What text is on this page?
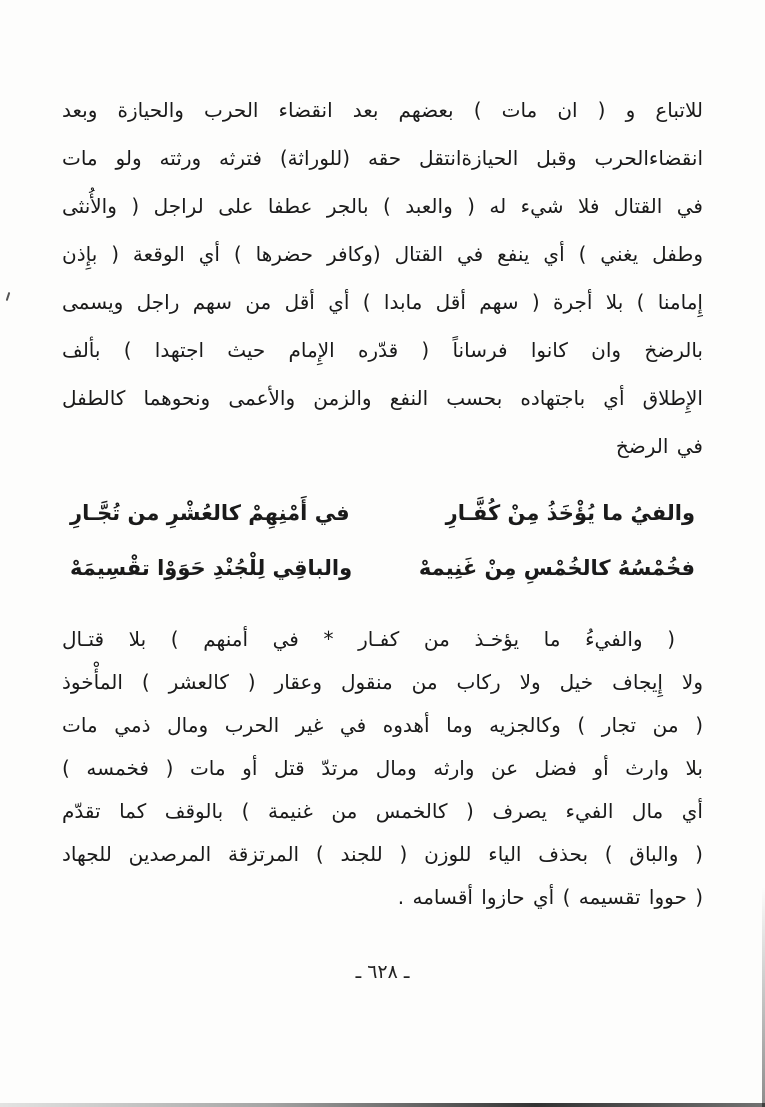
للاتباع و ( ان مات ) بعضهم بعد انقضاء الحرب والحيازة وبعد
انقضاءالحرب وقبل الحيازةانتقل حقه (للوراثة) فترثه ورثته ولو مات
في القتال فلا شيء له ( والعبد ) بالجر عطفا على لراجل ( والأُنثى
وطفل يغني ) أي ينفع في القتال (وكافر حضرها ) أي الوقعة ( بإِذن
إِمامنا ) بلا أجرة ( سهم أقل مابدا ) أي أقل من سهم راجل ويسمى
بالرضخ وان كانوا فرساناً ( قدّره الإِمام حيث اجتهدا ) بألف
الإِطلاق أي باجتهاده بحسب النفع والزمن والأعمى ونحوهما كالطفل
في الرضخ
والفيُ ما يُؤْخَذُ مِنْ كُفَّـارِ
في أَمْنِهِمْ كالعُشْرِ من تُجَّـارِ
فخُمْسُهُ كالخُمْسِ مِنْ غَنِيمهْ
والباقِي لِلْجُنْدِ حَوَوْا تقْسِيمَهْ
( والفيءُ ما يؤخـذ من كفـار * في أمنهم ) بلا قتـال
ولا إِيجاف خيل ولا ركاب من منقول وعقار ( كالعشر ) المأْخوذ
( من تجار ) وكالجزيه وما أهدوه في غير الحرب ومال ذمي مات
بلا وارث أو فضل عن وارثه ومال مرتدّ قتل أو مات ( فخمسه )
أي مال الفيء يصرف ( كالخمس من غنيمة ) بالوقف كما تقدّم
( والباق ) بحذف الياء للوزن ( للجند ) المرتزقة المرصدين للجهاد
( حووا تقسيمه ) أي حازوا أقسامه .
ـ ٦٢٨ ـ
